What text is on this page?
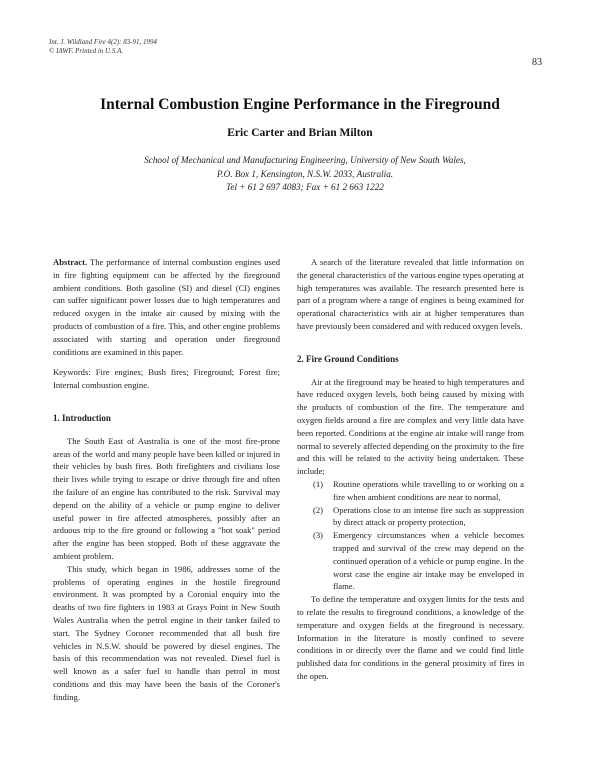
Int. J. Wildland Fire 4(2): 83-91, 1994
© IAWF. Printed in U.S.A.
83
Internal Combustion Engine Performance in the Fireground
Eric Carter and Brian Milton
School of Mechanical and Manufacturing Engineering, University of New South Wales,
P.O. Box 1, Kensington, N.S.W. 2033, Australia.
Tel + 61 2 697 4083; Fax + 61 2 663 1222

Abstract. The performance of internal combustion engines used in fire fighting equipment can be affected by the fireground ambient conditions. Both gasoline (SI) and diesel (CI) engines can suffer significant power losses due to high temperatures and reduced oxygen in the intake air caused by mixing with the products of combustion of a fire. This, and other engine problems associated with starting and operation under fireground conditions are examined in this paper.

Keywords: Fire engines; Bush fires; Fireground; Forest fire; Internal combustion engine.

1. Introduction

The South East of Australia is one of the most fire-prone areas of the world and many people have been killed or injured in their vehicles by bush fires. Both firefighters and civilians lose their lives while trying to escape or drive through fire and often the failure of an engine has contributed to the risk. Survival may depend on the ability of a vehicle or pump engine to deliver useful power in fire affected atmospheres, possibly after an arduous trip to the fire ground or following a "hot soak" period after the engine has been stopped. Both of these aggravate the ambient problem.

This study, which began in 1986, addresses some of the problems of operating engines in the hostile fireground environment. It was prompted by a Coronial enquiry into the deaths of two fire fighters in 1983 at Grays Point in New South Wales Australia when the petrol engine in their tanker failed to start. The Sydney Coroner recommended that all bush fire vehicles in N.S.W. should be powered by diesel engines. The basis of this recommendation was not revealed. Diesel fuel is well known as a safer fuel to handle than petrol in most conditions and this may have been the basis of the Coroner's finding.

A search of the literature revealed that little information on the general characteristics of the various engine types operating at high temperatures was available. The research presented here is part of a program where a range of engines is being examined for operational characteristics with air at higher temperatures than have previously been considered and with reduced oxygen levels.

2. Fire Ground Conditions

Air at the fireground may be heated to high temperatures and have reduced oxygen levels, both being caused by mixing with the products of combustion of the fire. The temperature and oxygen fields around a fire are complex and very little data have been reported. Conditions at the engine air intake will range from normal to severely affected depending on the proximity to the fire and this will be related to the activity being undertaken. These include;

(1) Routine operations while travelling to or working on a fire when ambient conditions are near to normal,
(2) Operations close to an intense fire such as suppression by direct attack or property protection,
(3) Emergency circumstances when a vehicle becomes trapped and survival of the crew may depend on the continued operation of a vehicle or pump engine. In the worst case the engine air intake may be enveloped in flame.

To define the temperature and oxygen limits for the tests and to relate the results to fireground conditions, a knowledge of the temperature and oxygen fields at the fireground is necessary. Information in the literature is mostly confined to severe conditions in or directly over the flame and we could find little published data for conditions in the general proximity of fires in the open.
